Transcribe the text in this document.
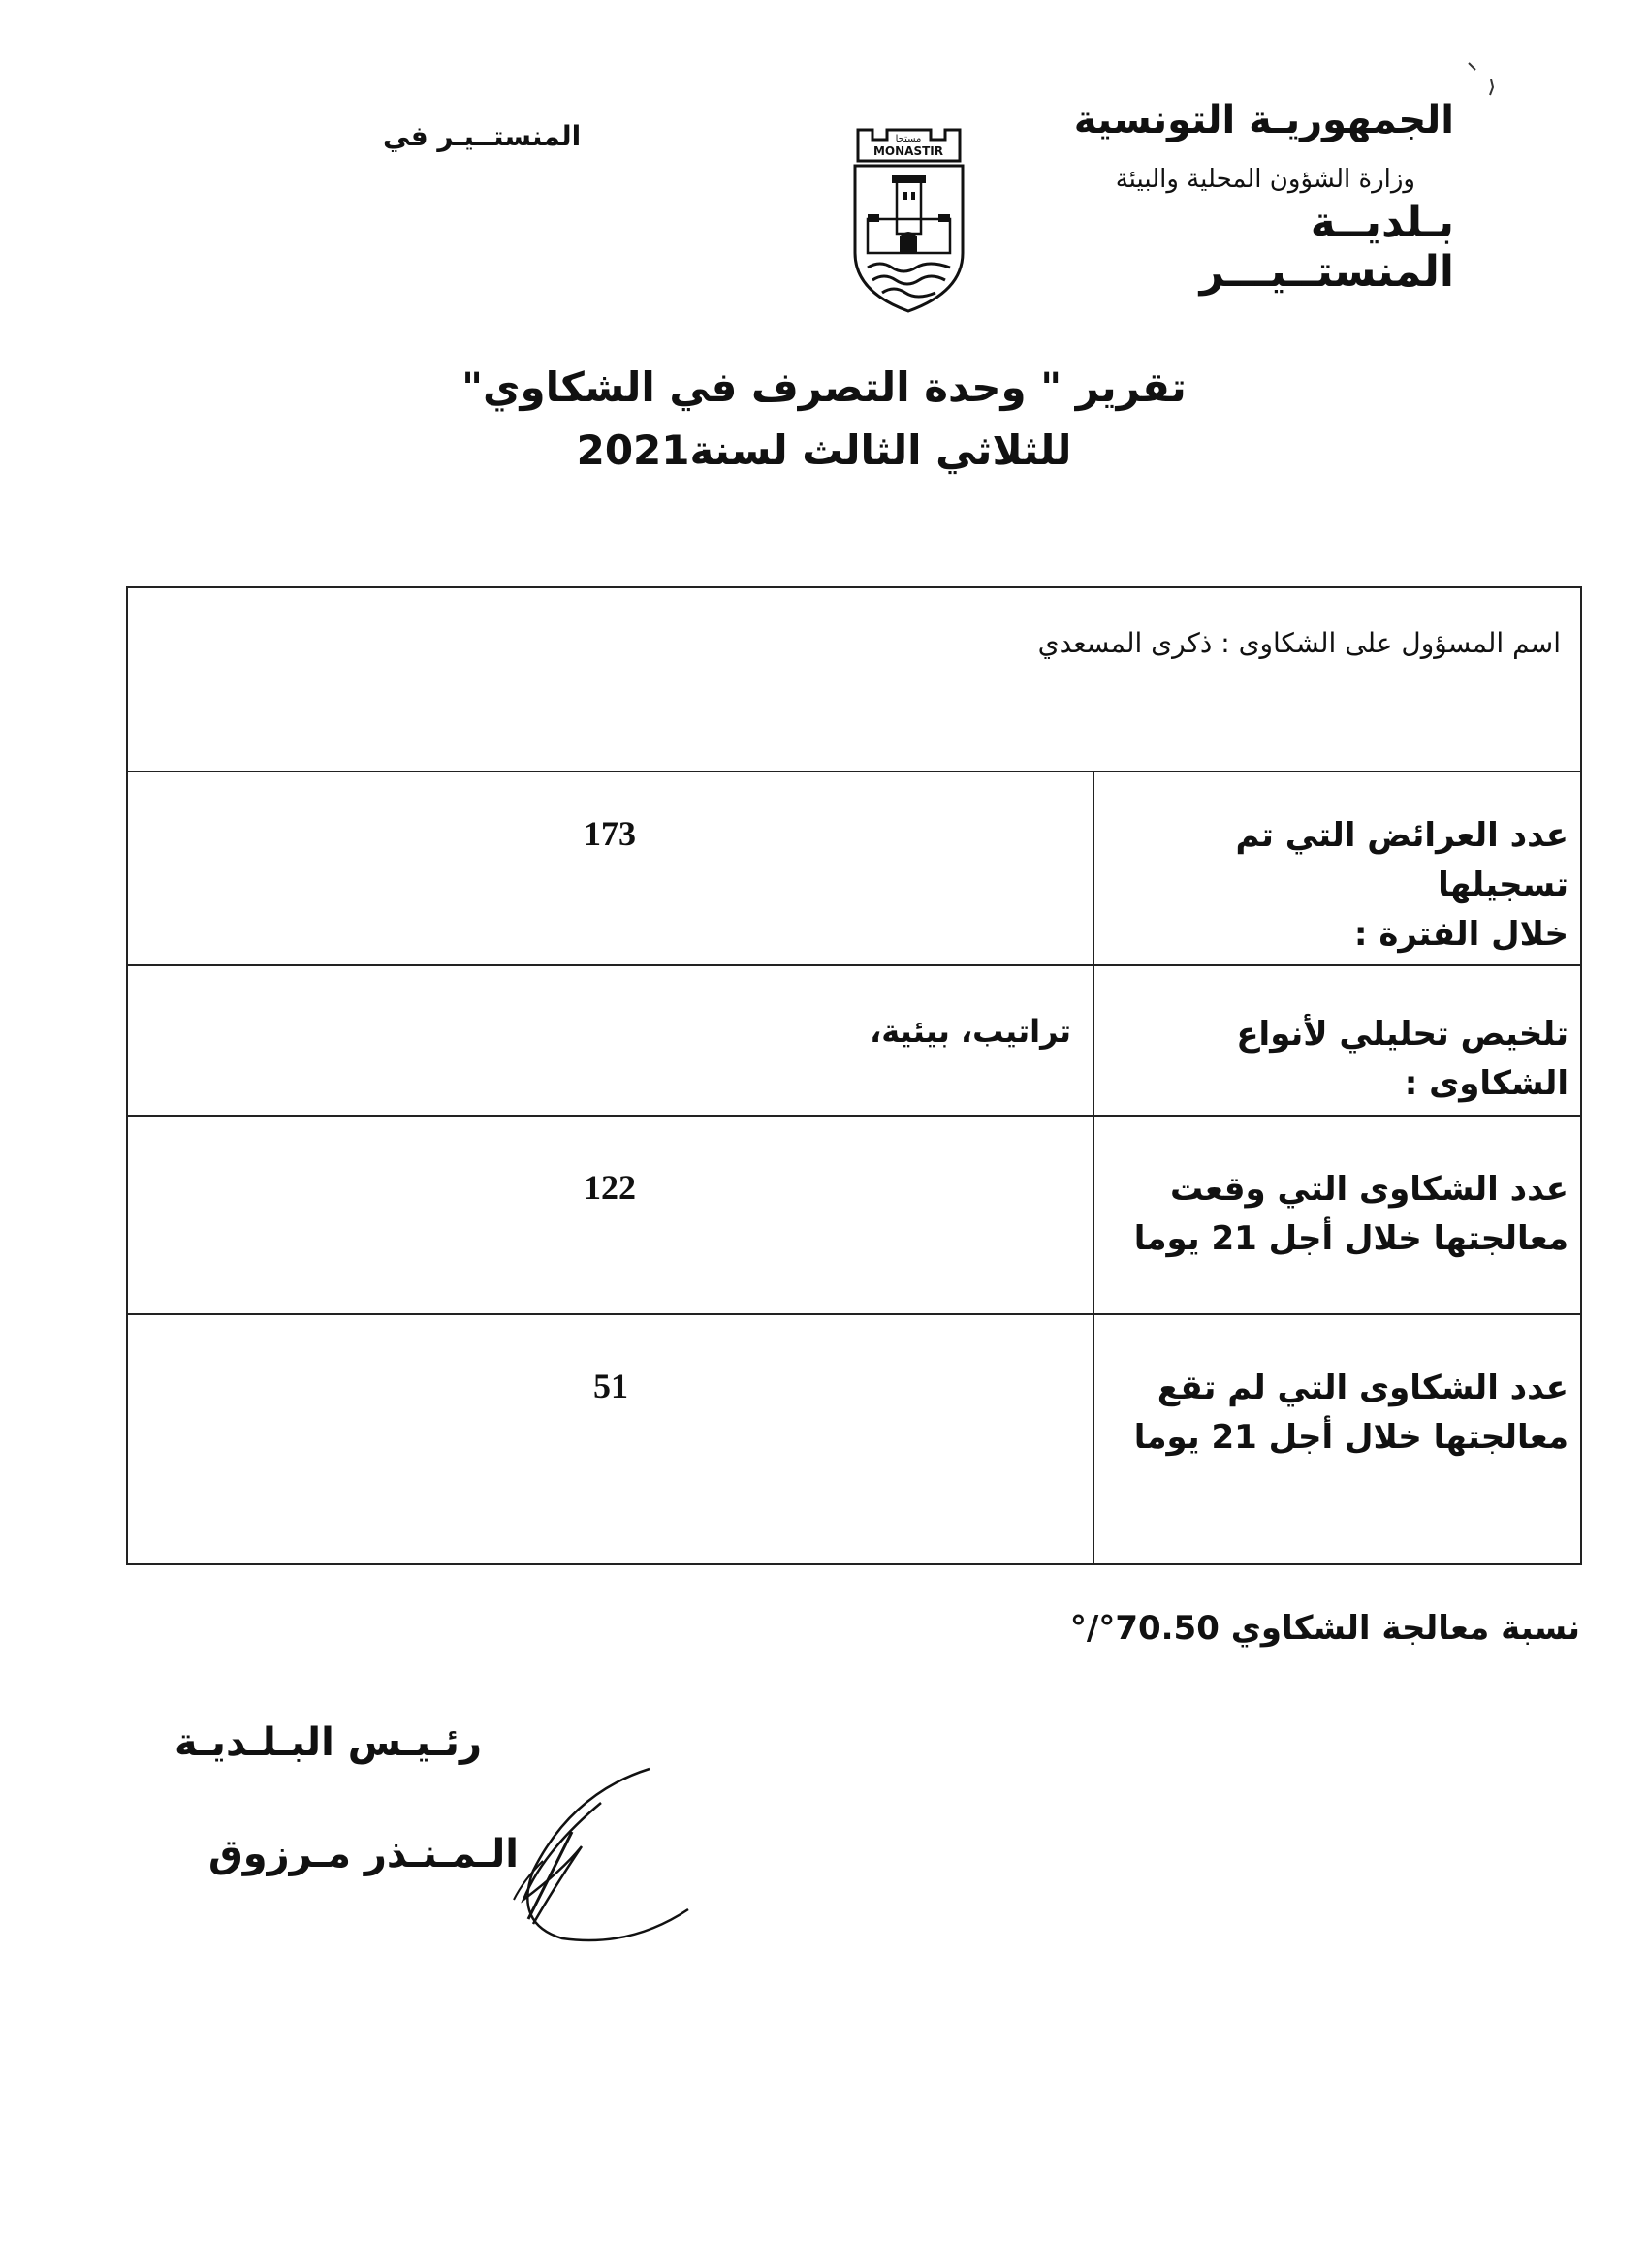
الجمهوريـة التونسية
وزارة الشؤون المحلية والبيئة
بـلديــة المنستــيـــر
المنستــيـر في	MONASTIR
مستحا
تقرير " وحدة التصرف في الشكاوي"
للثلاثي الثالث لسنة2021
اسم المسؤول على الشكاوى : ذكرى المسعدي
عدد العرائض التي تم تسجيلها
خلال الفترة :
173
تلخيص تحليلي لأنواع الشكاوى :
تراتيب، بيئية،
عدد الشكاوى التي وقعت
معالجتها خلال أجل 21 يوما
122
عدد الشكاوى التي لم تقع
معالجتها خلال أجل 21 يوما
51
نسبة معالجة الشكاوي 70.50°/°
رئـيـس البـلـديـة
الـمـنـذر مـرزوق
